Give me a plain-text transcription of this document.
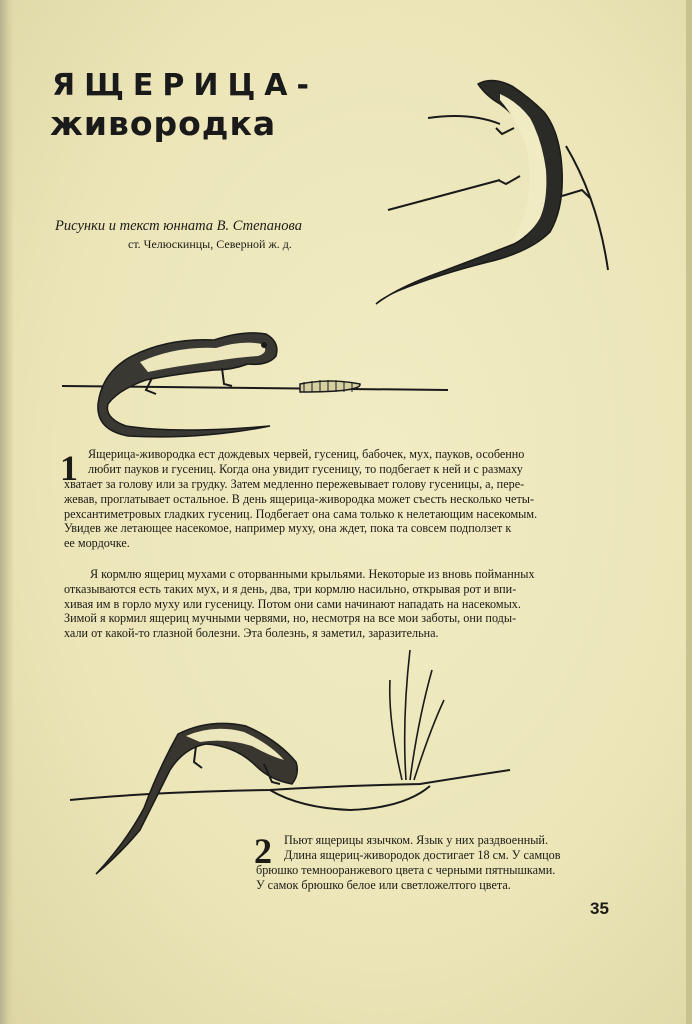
ЯЩЕРИЦА-
живородка
Рисунки и текст юнната В. Степанова
ст. Челюскинцы, Северной ж. д.
1 Ящерица-живородка ест дождевых червей, гусениц, бабочек, мух, пауков, особенно
любит пауков и гусениц. Когда она увидит гусеницу, то подбегает к ней и с размаху
хватает за голову или за грудку. Затем медленно пережевывает голову гусеницы, а, пере-
жевав, проглатывает остальное. В день ящерица-живородка может съесть несколько четы-
рехсантиметровых гладких гусениц. Подбегает она сама только к нелетающим насекомым.
Увидев же летающее насекомое, например муху, она ждет, пока та совсем подползет к
ее мордочке.
Я кормлю ящериц мухами с оторванными крыльями. Некоторые из вновь пойманных
отказываются есть таких мух, и я день, два, три кормлю насильно, открывая рот и впи-
хивая им в горло муху или гусеницу. Потом они сами начинают нападать на насекомых.
Зимой я кормил ящериц мучными червями, но, несмотря на все мои заботы, они поды-
хали от какой-то глазной болезни. Эта болезнь, я заметил, заразительна.
2 Пьют ящерицы язычком. Язык у них раздвоенный.
Длина ящериц-живородок достигает 18 см. У самцов
брюшко темнооранжевого цвета с черными пятнышками.
У самок брюшко белое или светложелтого цвета.
35
